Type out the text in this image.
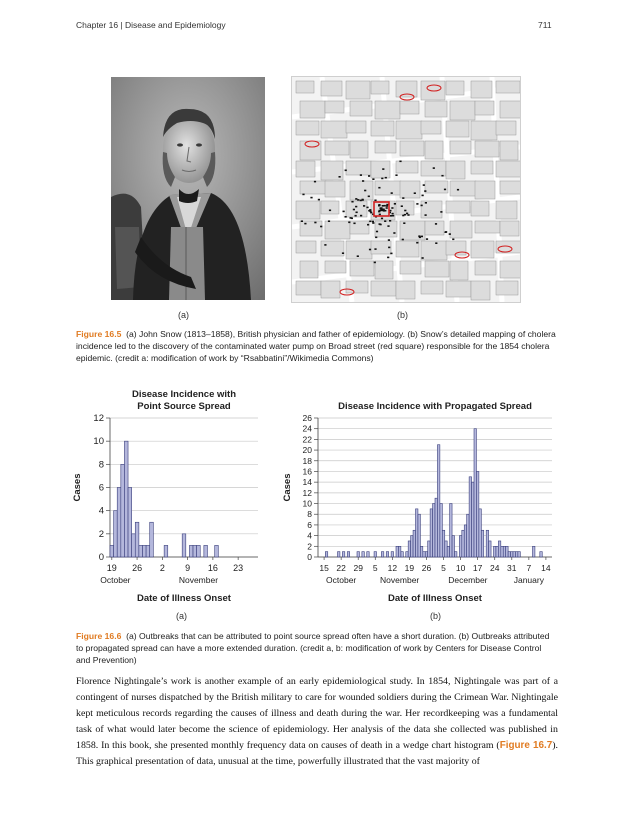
Chapter 16 | Disease and Epidemiology	711
(a)	(b)
Figure 16.5 (a) John Snow (1813–1858), British physician and father of epidemiology. (b) Snow’s detailed mapping of cholera incidence led to the discovery of the contaminated water pump on Broad street (red square) responsible for the 1854 cholera epidemic. (credit a: modification of work by “Rsabbatini”/Wikimedia Commons)
Disease Incidence with
Point Source Spread
0
2
4
6
8
10
12
19 26 2 9 16 23
October	November
Date of Illness Onset
Cases
Disease Incidence with Propagated Spread
0
2
4
6
8
10
12
14
16
18
20
22
24
26
15 22 29 5 12 19 26 5 10 17 24 31 7 14
October	November	December	January
Date of Illness Onset
Cases
(a)	(b)
Figure 16.6 (a) Outbreaks that can be attributed to point source spread often have a short duration. (b) Outbreaks attributed to propagated spread can have a more extended duration. (credit a, b: modification of work by Centers for Disease Control and Prevention)
Florence Nightingale’s work is another example of an early epidemiological study. In 1854, Nightingale was part of a contingent of nurses dispatched by the British military to care for wounded soldiers during the Crimean War. Nightingale kept meticulous records regarding the causes of illness and death during the war. Her recordkeeping was a fundamental task of what would later become the science of epidemiology. Her analysis of the data she collected was published in 1858. In this book, she presented monthly frequency data on causes of death in a wedge chart histogram (Figure 16.7). This graphical presentation of data, unusual at the time, powerfully illustrated that the vast majority of
